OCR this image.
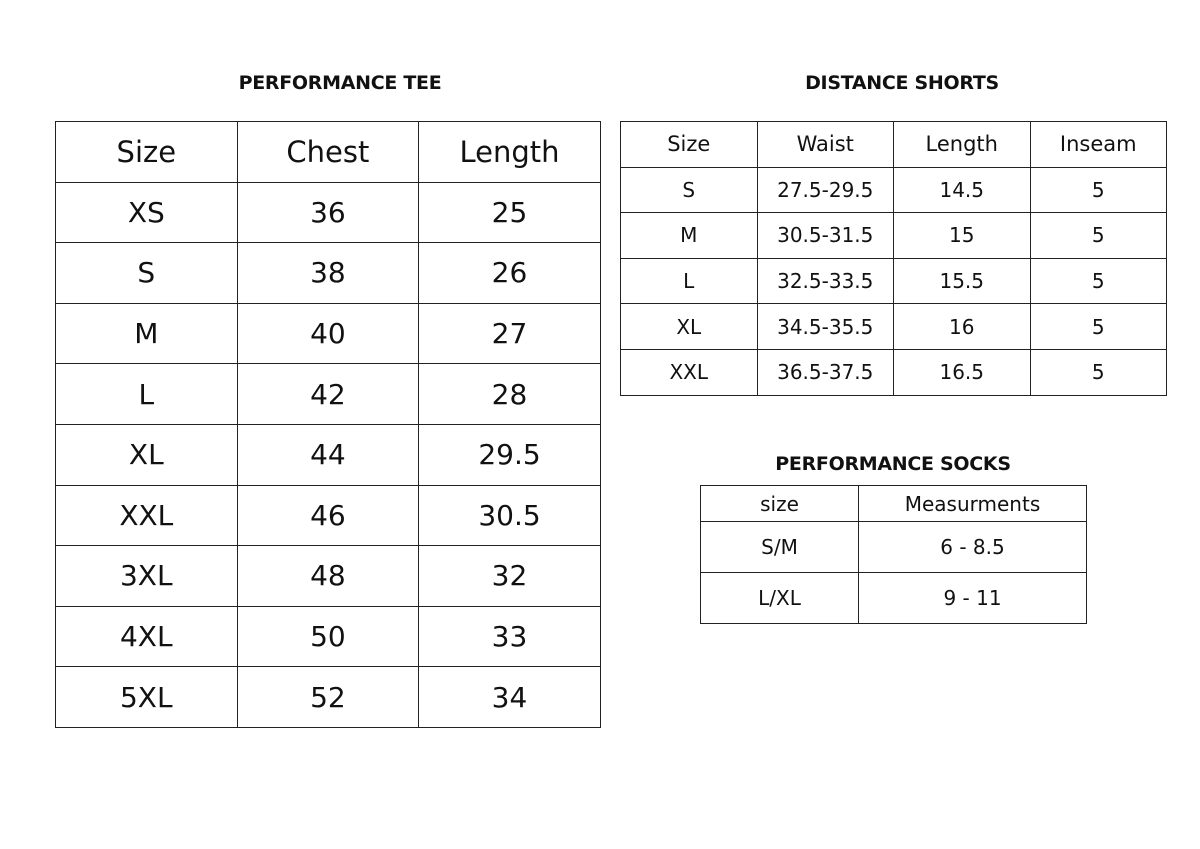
PERFORMANCE TEE
Size	Chest	Length
XS	36	25
S	38	26
M	40	27
L	42	28
XL	44	29.5
XXL	46	30.5
3XL	48	32
4XL	50	33
5XL	52	34
DISTANCE SHORTS
Size	Waist	Length	Inseam
S	27.5-29.5	14.5	5
M	30.5-31.5	15	5
L	32.5-33.5	15.5	5
XL	34.5-35.5	16	5
XXL	36.5-37.5	16.5	5
PERFORMANCE SOCKS
size	Measurments
S/M	6 - 8.5
L/XL	9 - 11
